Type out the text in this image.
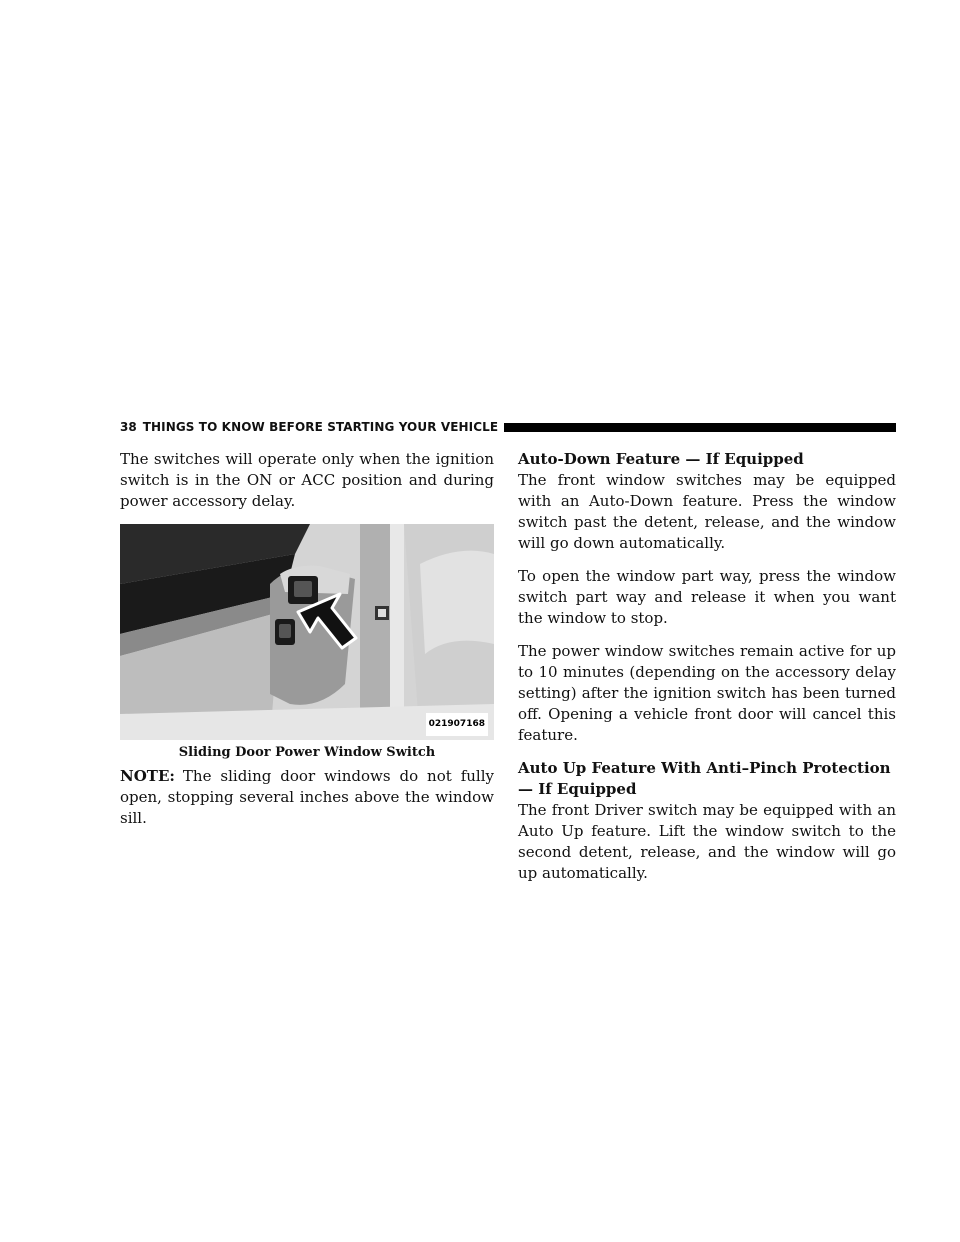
38 THINGS TO KNOW BEFORE STARTING YOUR VEHICLE

The switches will operate only when the ignition switch is in the ON or ACC position and during power accessory delay.

021907168

Sliding Door Power Window Switch

NOTE: The sliding door windows do not fully open, stopping several inches above the window sill.

Auto-Down Feature — If Equipped

The front window switches may be equipped with an Auto-Down feature. Press the window switch past the detent, release, and the window will go down automatically.

To open the window part way, press the window switch part way and release it when you want the window to stop.

The power window switches remain active for up to 10 minutes (depending on the accessory delay setting) after the ignition switch has been turned off. Opening a vehicle front door will cancel this feature.

Auto Up Feature With Anti–Pinch Protection — If Equipped

The front Driver switch may be equipped with an Auto Up feature. Lift the window switch to the second detent, release, and the window will go up automatically.
